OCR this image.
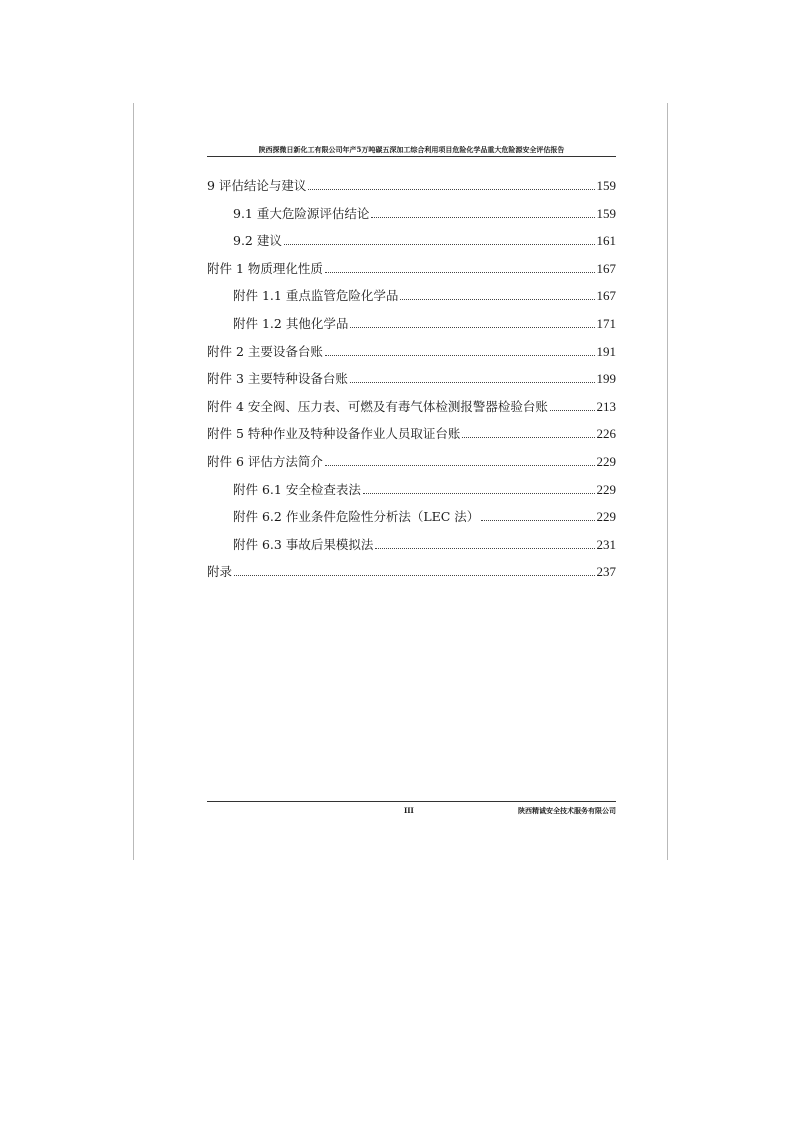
陕西探微日新化工有限公司年产5万吨碳五深加工综合利用项目危险化学品重大危险源安全评估报告
9 评估结论与建议	159
9.1 重大危险源评估结论	159
9.2 建议	161
附件 1 物质理化性质	167
附件 1.1 重点监管危险化学品	167
附件 1.2 其他化学品	171
附件 2 主要设备台账	191
附件 3 主要特种设备台账	199
附件 4 安全阀、压力表、可燃及有毒气体检测报警器检验台账	213
附件 5 特种作业及特种设备作业人员取证台账	226
附件 6 评估方法简介	229
附件 6.1 安全检查表法	229
附件 6.2 作业条件危险性分析法（LEC 法）	229
附件 6.3 事故后果模拟法	231
附录	237
III	陕西精诚安全技术服务有限公司
